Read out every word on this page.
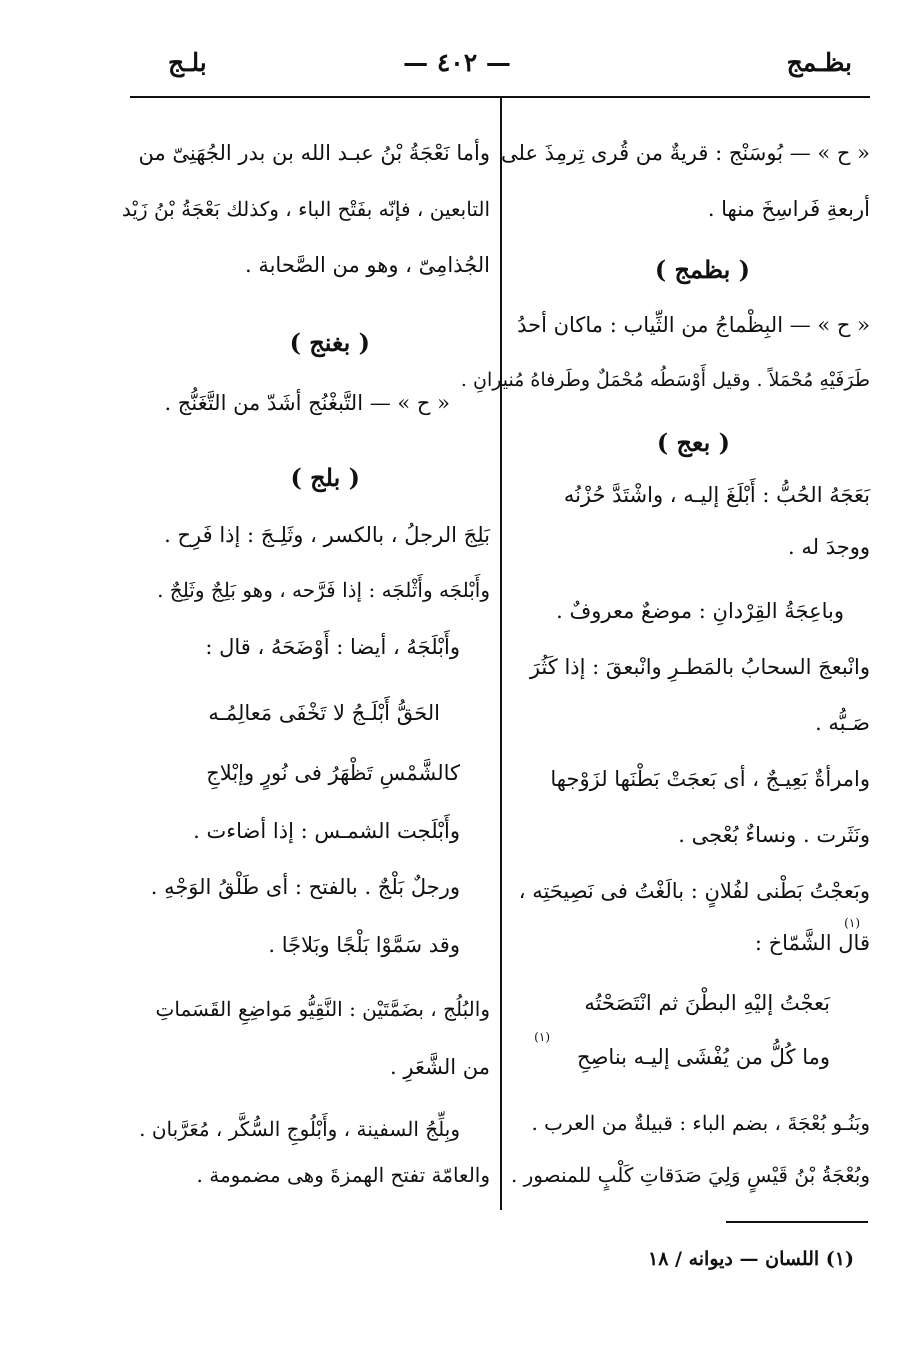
بظـمج
— ٤٠٢ —
بلـج
« ح » — بُوسَنْج : قريةٌ من قُرى تِرمِذَ على
أربعةِ فَراسِخَ منها .
( بظمج )
« ح » — البِظْماجُ من الثِّياب : ماكان أحدُ
طَرَفَيْهِ مُحْمَلاً . وقيل أَوْسَطُه مُحْمَلٌ وطَرفاهُ مُنيرانِ .
( بعج )
بَعَجَهُ الحُبُّ : أَبْلَغَ إليـه ، واشْتَدَّ حُزْنُه
ووجدَ له .
وباعِجَةُ القِرْدانِ : موضعٌ معروفٌ .
وانْبعجَ السحابُ بالمَطـرِ وانْبعقَ : إذا كَثُرَ
صَـبُّه .
وامرأةٌ بَعِيـجٌ ، أى بَعجَتْ بَطْنَها لزَوْجها
ونَثَرت . ونساءٌ بُعْجى .
وبَعجْتُ بَطْنى لفُلانٍ : بالَغْتُ فى نَصِيحَتِه ،
(١)
قال الشَّمّاخ :
بَعجْتُ إليْهِ البطْنَ ثم انْتَصَحْتُه
(١)
وما كُلُّ من يُفْشَى إليـه بناصِحِ
وبَنُـو بُعْجَةَ ، بضم الباء : قبيلةٌ من العرب .
وبُعْجَةُ بْنُ قَيْسٍ وَلِيَ صَدَقاتِ كَلْبٍ للمنصور .
وأما نَعْجَةُ بْنُ عبـد الله بن بدر الجُهَنِىّ من
التابعين ، فإنّه بفَتْح الباء ، وكذلك بَعْجَةُ بْنُ زَيْد
الجُذامِىّ ، وهو من الصَّحابة .
( بغنج )
« ح » — التَّبغْنُج أشَدّ من التَّغَنُّج .
( بلج )
بَلِجَ الرجلُ ، بالكسر ، وثَلِـجَ : إذا فَرِح .
وأَبْلجَه وأَثْلجَه : إذا فَرَّحه ، وهو بَلِجٌ وثَلِجٌ .
وأَبْلَجَهُ ، أيضا : أَوْضَحَهُ ، قال :
الحَقُّ أَبْلَـجُ لا تَخْفَى مَعالِمُـه
كالشَّمْسِ تَظْهَرُ فى نُورٍ وإبْلاجِ
وأَبْلَجت الشمـس : إذا أضاءت .
ورجلٌ بَلْجٌ . بالفتح : أى طَلْقُ الوَجْهِ .
وقد سَمَّوْا بَلْجًا وبَلاجًا .
والبُلُج ، بضَمَّتَيْن : النَّقِيُّو مَواضِعِ القَسَماتِ
من الشَّعَرِ .
وبِلِّجُ السفينة ، وأَبْلُوجِ السُّكَّر ، مُعَرَّبان .
والعامّة تفتح الهمزةَ وهى مضمومة .
(١) اللسان — ديوانه / ١٨
